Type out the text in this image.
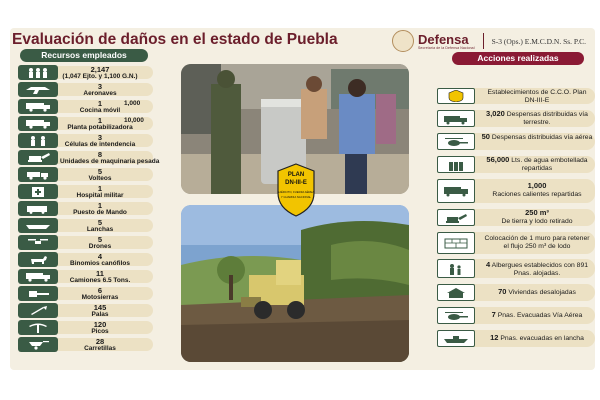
Evaluación de daños en el estado de Puebla	Defensa
Secretaría de la Defensa Nacional
S-3 (Ops.) E.M.C.D.N. Ss. P.C.
Recursos empleados	Acciones realizadas
2,147
(1,047 Ejto. y 1,100 G.N.)
3
Aeronaves
1	1,000
Cocina móvil
1	10,000
Planta potabilizadora
3
Células de intendencia
8
Unidades de maquinaria pesada
5
Volteos
1
Hospital militar
1
Puesto de Mando
5
Lanchas
5
Drones
4
Binomios canófilos
11
Camiones 6.5 Tons.
6
Motosierras
145
Palas
120
Picos
28
Carretillas
PLAN
DN-III-E
EJÉRCITO, FUERZA AÉREA
Y GUARDIA NACIONAL
Establecimientos de C.C.O. Plan DN-III-E
3,020 Despensas distribuidas vía terrestre.
50 Despensas distribuidas vía aérea
56,000 Lts. de agua embotellada repartidas
1,000
Raciones calientes repartidas
250 m³
De tierra y lodo retirado
Colocación de 1 muro para retener el flujo 250 m³ de lodo
4 Albergues establecidos con 891 Pnas. alojadas.
70 Viviendas desalojadas
7 Pnas. Evacuadas Vía Aérea
12 Pnas. evacuadas en lancha
